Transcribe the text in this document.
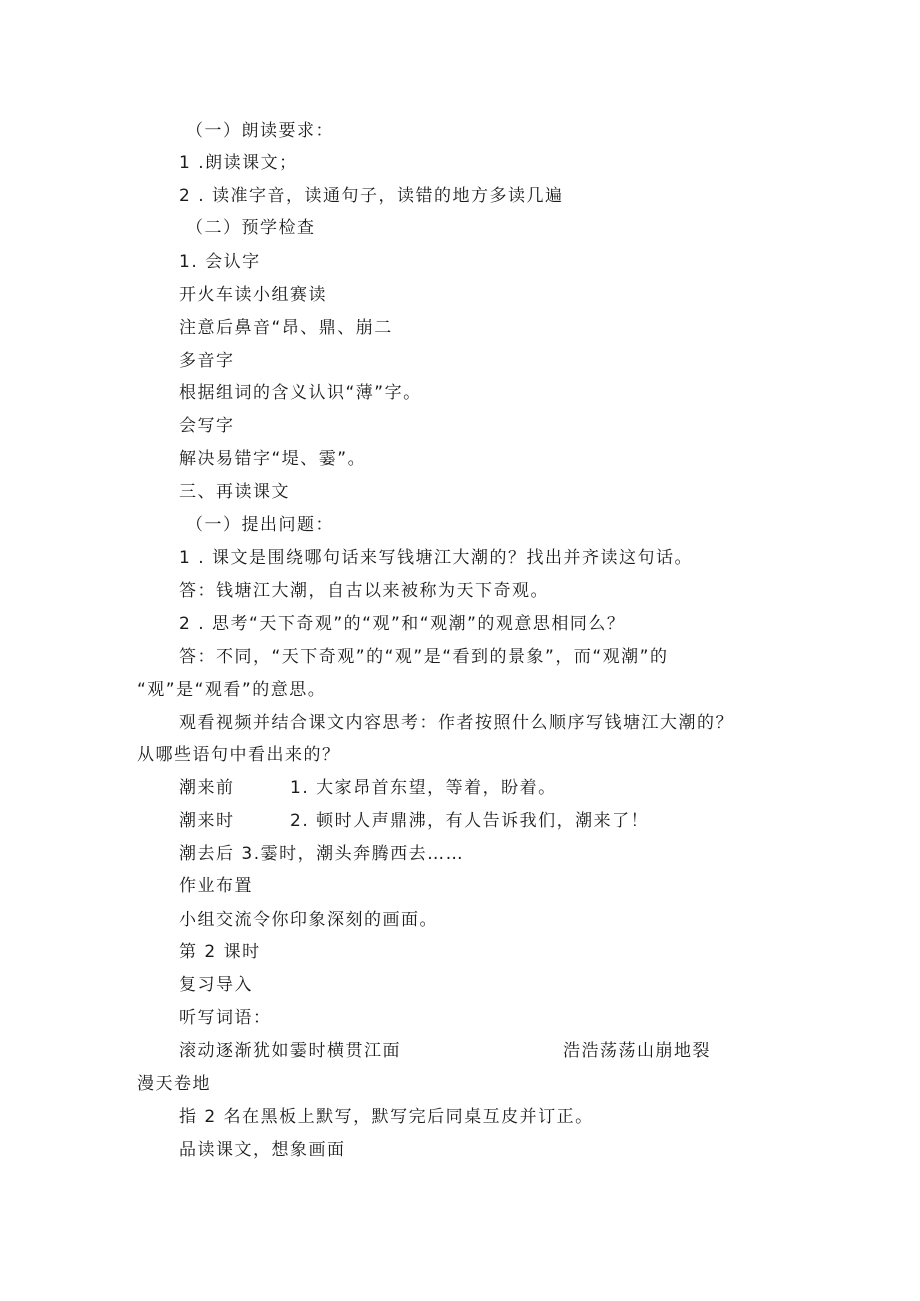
（一）朗读要求：
1 .朗读课文；
2 . 读准字音，读通句子，读错的地方多读几遍
（二）预学检查
1. 会认字
开火车读小组赛读
注意后鼻音“昂、鼎、崩二
多音字
根据组词的含义认识“薄”字。
会写字
解决易错字“堤、霎”。
三、再读课文
（一）提出问题：
1 . 课文是围绕哪句话来写钱塘江大潮的？找出并齐读这句话。
答：钱塘江大潮，自古以来被称为天下奇观。
2 . 思考“天下奇观”的“观”和“观潮”的观意思相同么？
答：不同，“天下奇观”的“观”是“看到的景象”，而“观潮”的
“观”是“观看”的意思。
观看视频并结合课文内容思考：作者按照什么顺序写钱塘江大潮的？
从哪些语句中看出来的？
潮来前	1. 大家昂首东望，等着，盼着。
潮来时	2. 顿时人声鼎沸，有人告诉我们，潮来了！
潮去后 3.霎时，潮头奔腾西去……
作业布置
小组交流令你印象深刻的画面。
第 2 课时
复习导入
听写词语：
滚动逐渐犹如霎时横贯江面	浩浩荡荡山崩地裂
漫天卷地
指 2 名在黑板上默写，默写完后同桌互皮并订正。
品读课文，想象画面
